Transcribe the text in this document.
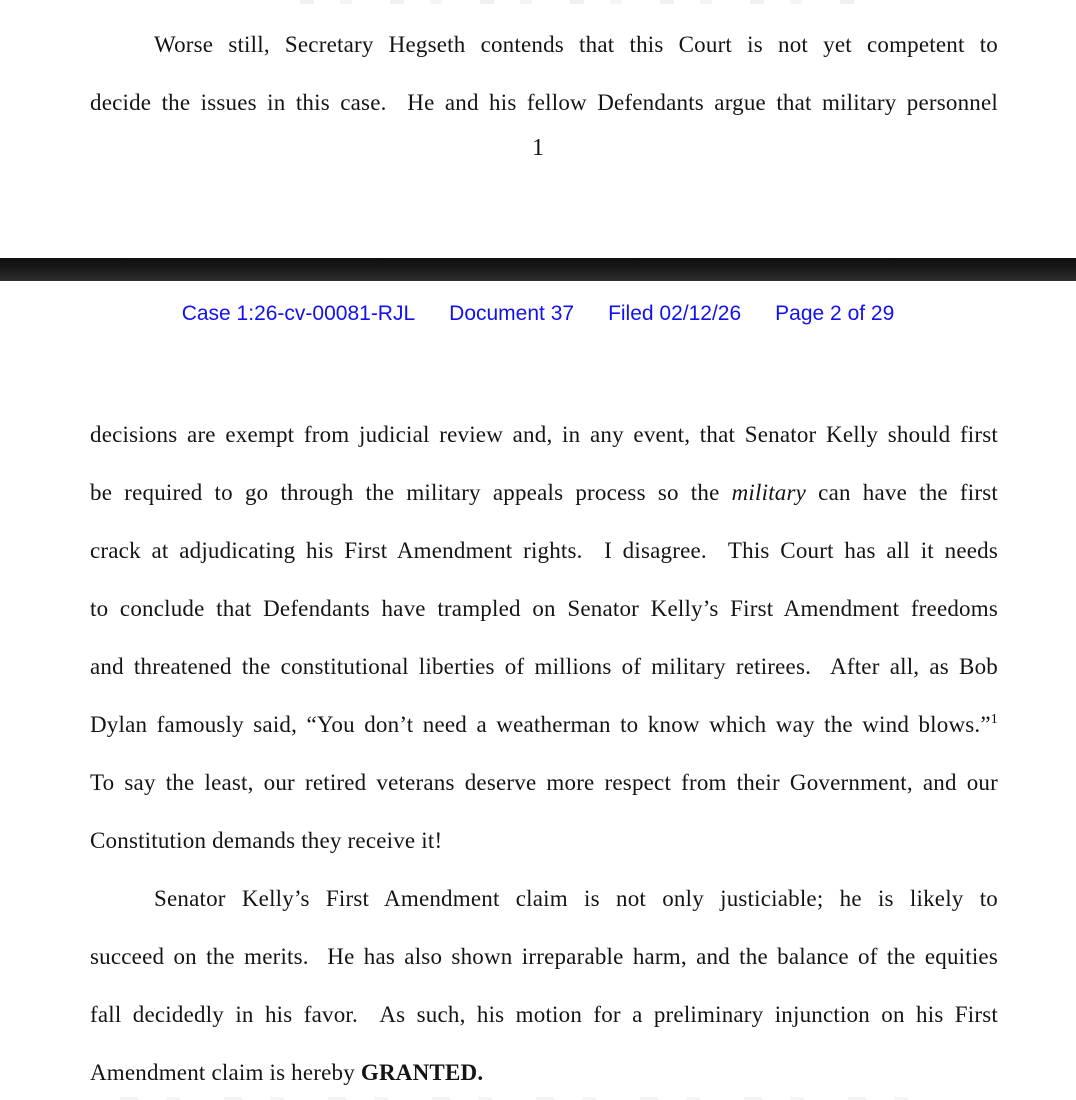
Worse still, Secretary Hegseth contends that this Court is not yet competent to
decide the issues in this case.  He and his fellow Defendants argue that military personnel
1
Case 1:26-cv-00081-RJL Document 37 Filed 02/12/26 Page 2 of 29
decisions are exempt from judicial review and, in any event, that Senator Kelly should first
be required to go through the military appeals process so the military can have the first
crack at adjudicating his First Amendment rights.  I disagree.  This Court has all it needs
to conclude that Defendants have trampled on Senator Kelly’s First Amendment freedoms
and threatened the constitutional liberties of millions of military retirees.  After all, as Bob
Dylan famously said, “You don’t need a weatherman to know which way the wind blows.”$^1$
To say the least, our retired veterans deserve more respect from their Government, and our
Constitution demands they receive it!
Senator Kelly’s First Amendment claim is not only justiciable; he is likely to
succeed on the merits.  He has also shown irreparable harm, and the balance of the equities
fall decidedly in his favor.  As such, his motion for a preliminary injunction on his First
Amendment claim is hereby GRANTED.
